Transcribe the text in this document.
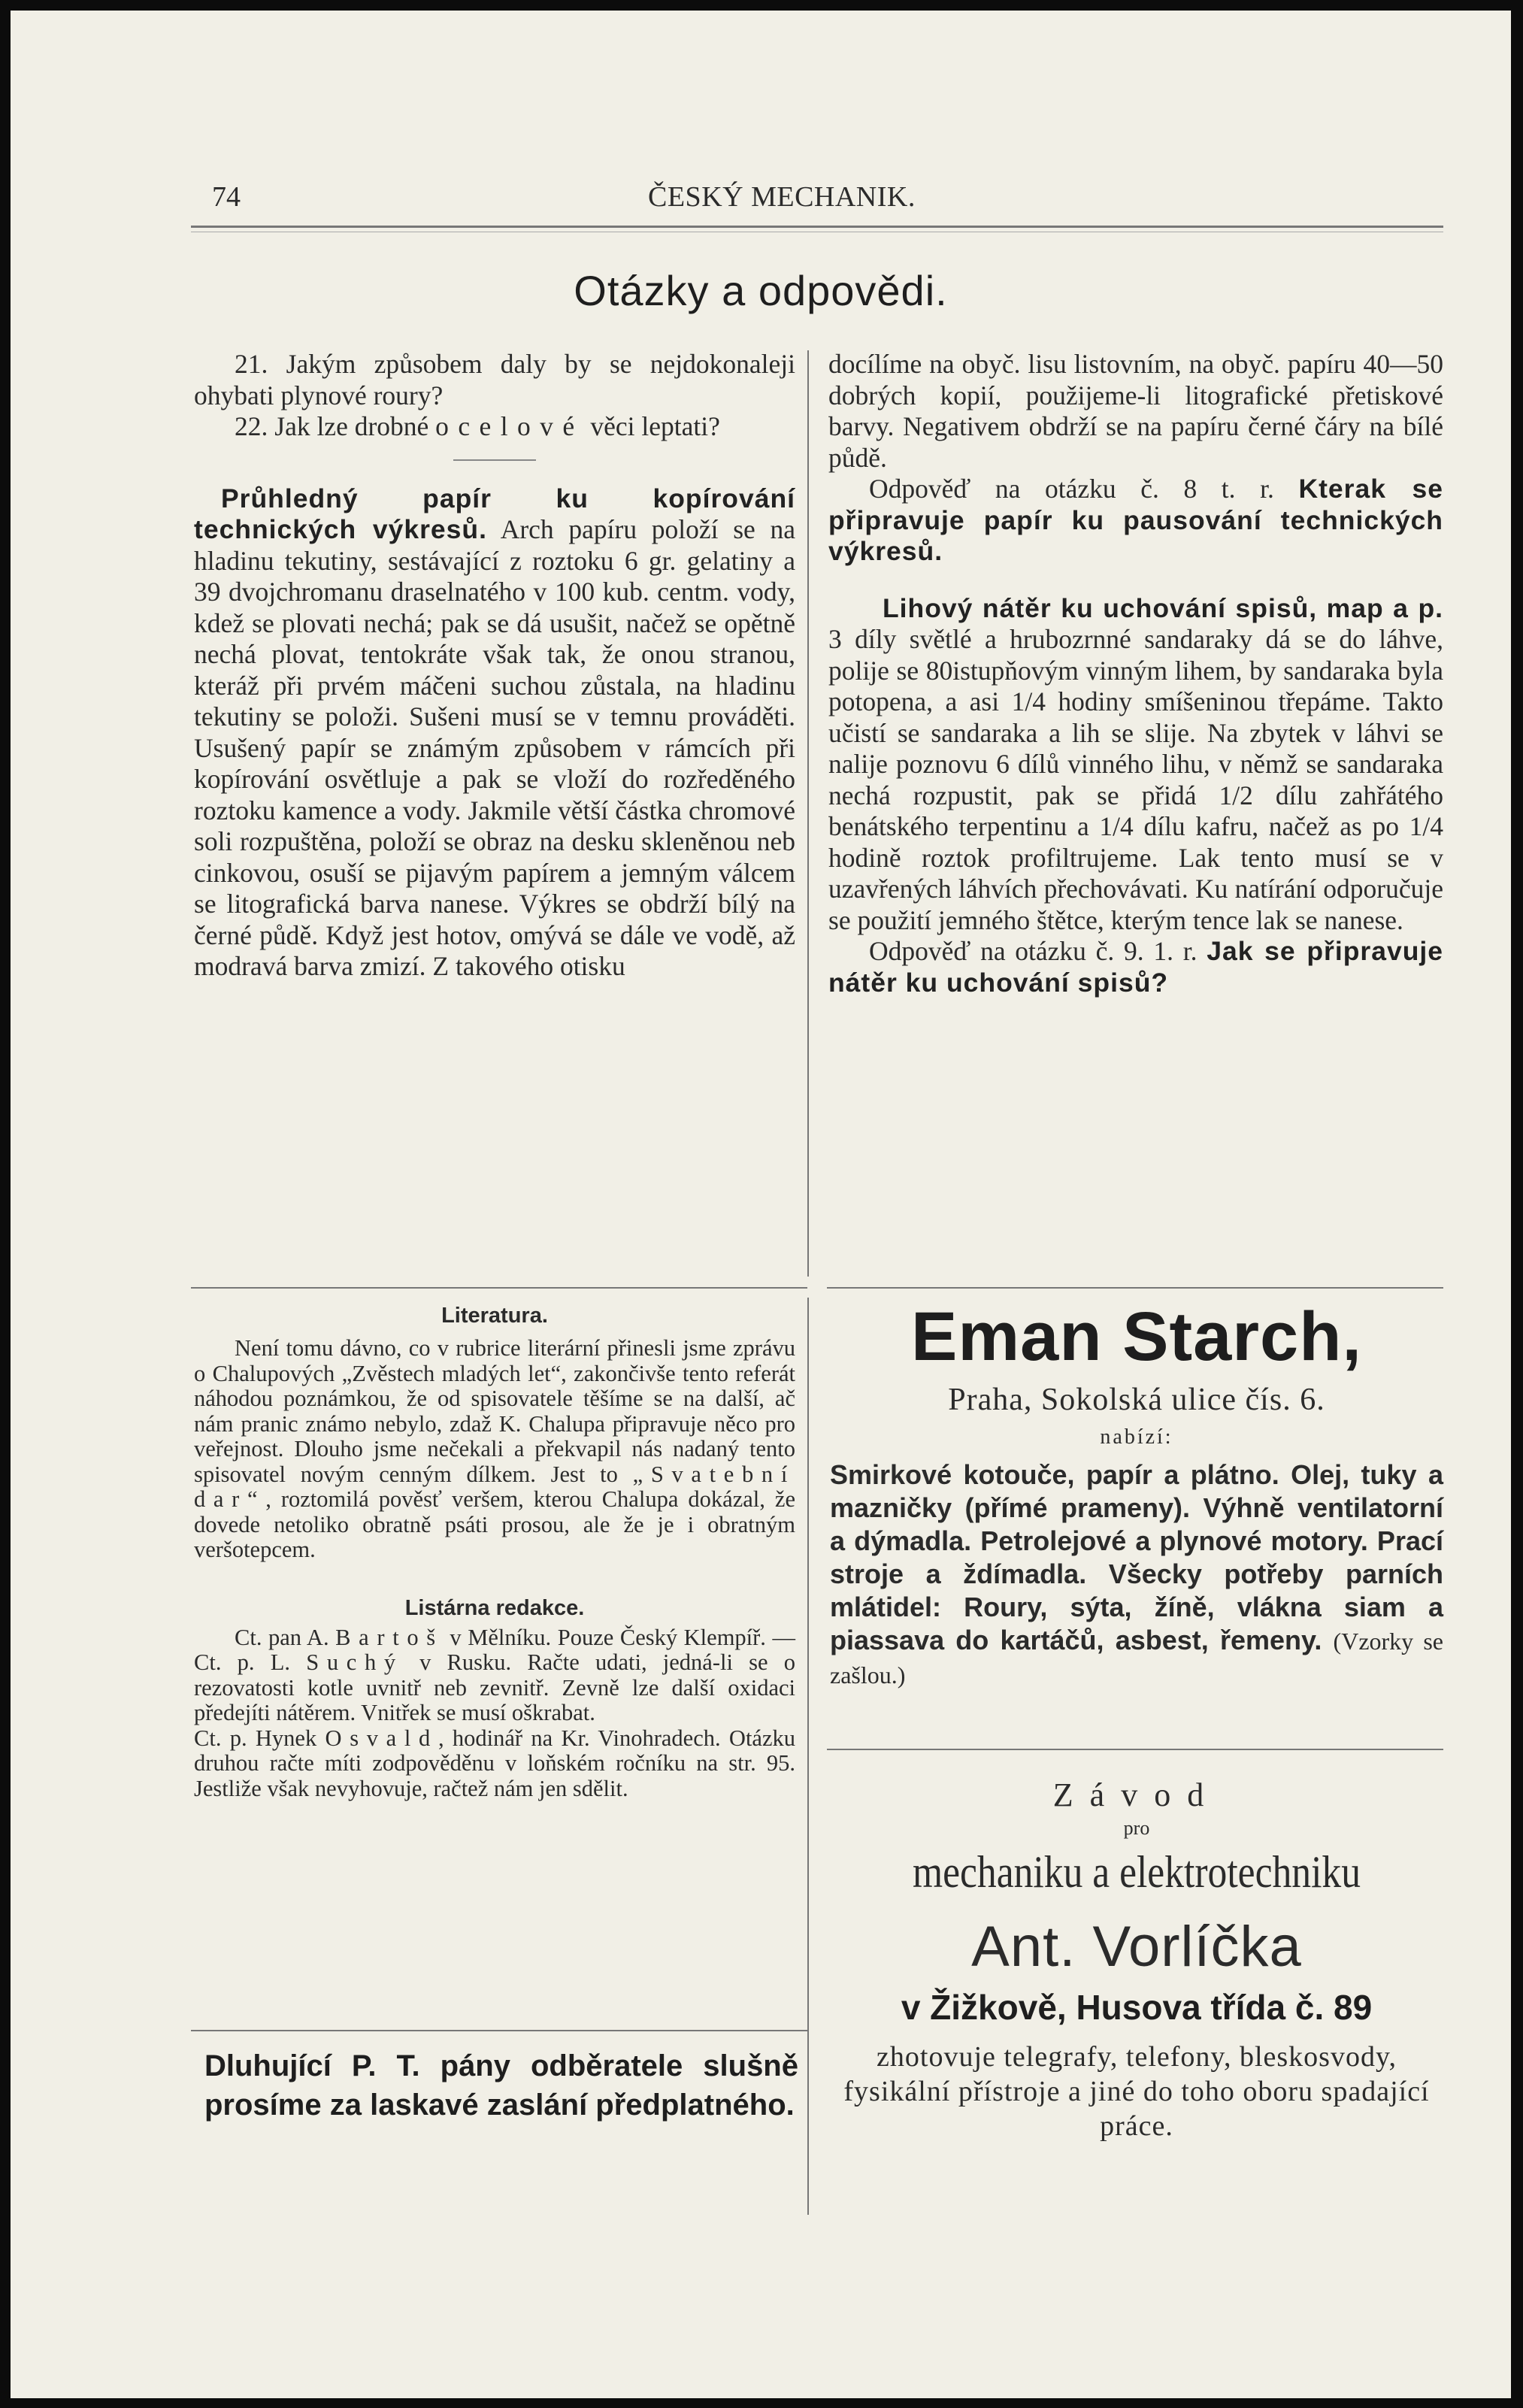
74	ČESKÝ MECHANIK.
Otázky a odpovědi.

21. Jakým způsobem daly by se nejdokonaleji ohybati plynové roury?

22. Jak lze drobné ocelové věci leptati?

Průhledný papír ku kopírování technických výkresů. Arch papíru položí se na hladinu tekutiny, sestávající z roztoku 6 gr. gelatiny a 39 dvojchromanu draselnatého v 100 kub. centm. vody, kdež se plovati nechá; pak se dá usušit, načež se opětně nechá plovat, tentokráte však tak, že onou stranou, kteráž při prvém máčeni suchou zůstala, na hladinu tekutiny se položi. Sušeni musí se v temnu prováděti. Usušený papír se známým způsobem v rámcích při kopírování osvětluje a pak se vloží do rozředěného roztoku kamence a vody. Jakmile větší částka chromové soli rozpuštěna, položí se obraz na desku skleněnou neb cinkovou, osuší se pijavým papírem a jemným válcem se litografická barva nanese. Výkres se obdrží bílý na černé půdě. Když jest hotov, omývá se dále ve vodě, až modravá barva zmizí. Z takového otisku

docílíme na obyč. lisu listovním, na obyč. papíru 40—50 dobrých kopií, použijeme-li litografické přetiskové barvy. Negativem obdrží se na papíru černé čáry na bílé půdě.

Odpověď na otázku č. 8 t. r. Kterak se připravuje papír ku pausování technických výkresů.

Lihový nátěr ku uchování spisů, map a p. 3 díly světlé a hrubozrnné sandaraky dá se do láhve, polije se 80istupňovým vinným lihem, by sandaraka byla potopena, a asi 1/4 hodiny smíšeninou třepáme. Takto učistí se sandaraka a lih se slije. Na zbytek v láhvi se nalije poznovu 6 dílů vinného lihu, v němž se sandaraka nechá rozpustit, pak se přidá 1/2 dílu zahřátého benátského terpentinu a 1/4 dílu kafru, načež as po 1/4 hodině roztok profiltrujeme. Lak tento musí se v uzavřených láhvích přechovávati. Ku natírání odporučuje se použití jemného štětce, kterým tence lak se nanese.

Odpověď na otázku č. 9. 1. r. Jak se připravuje nátěr ku uchování spisů?

Literatura.

Není tomu dávno, co v rubrice literární přinesli jsme zprávu o Chalupových „Zvěstech mladých let“, zakončivše tento referát náhodou poznámkou, že od spisovatele těšíme se na další, ač nám pranic známo nebylo, zdaž K. Chalupa připravuje něco pro veřejnost. Dlouho jsme nečekali a překvapil nás nadaný tento spisovatel novým cenným dílkem. Jest to „Svatební dar“, roztomilá pověsť veršem, kterou Chalupa dokázal, že dovede netoliko obratně psáti prosou, ale že je i obratným veršotepcem.

Listárna redakce.

Ct. pan A. Bartoš v Mělníku. Pouze Český Klempíř. — Ct. p. L. Suchý v Rusku. Račte udati, jedná-li se o rezovatosti kotle uvnitř neb zevnitř. Zevně lze další oxidaci předejíti nátěrem. Vnitřek se musí oškrabat.

Ct. p. Hynek Osvald, hodinář na Kr. Vinohradech. Otázku druhou račte míti zodpověděnu v loňském ročníku na str. 95. Jestliže však nevyhovuje, račtež nám jen sdělit.

Dluhující P. T. pány odběratele slušně prosíme za laskavé zaslání předplatného.
Eman Starch,
Praha, Sokolská ulice čís. 6.
nabízí:

Smirkové kotouče, papír a plátno. Olej, tuky a mazničky (přímé prameny). Výhně ventilatorní a dýmadla. Petrolejové a plynové motory. Prací stroje a ždímadla. Všecky potřeby parních mlátidel: Roury, sýta, žíně, vlákna siam a piassava do kartáčů, asbest, řemeny. (Vzorky se zašlou.)

Závod
pro
mechaniku a elektrotechniku
Ant. Vorlíčka
v Žižkově, Husova třída č. 89

zhotovuje telegrafy, telefony, bleskosvody, fysikální přístroje a jiné do toho oboru spadající práce.
